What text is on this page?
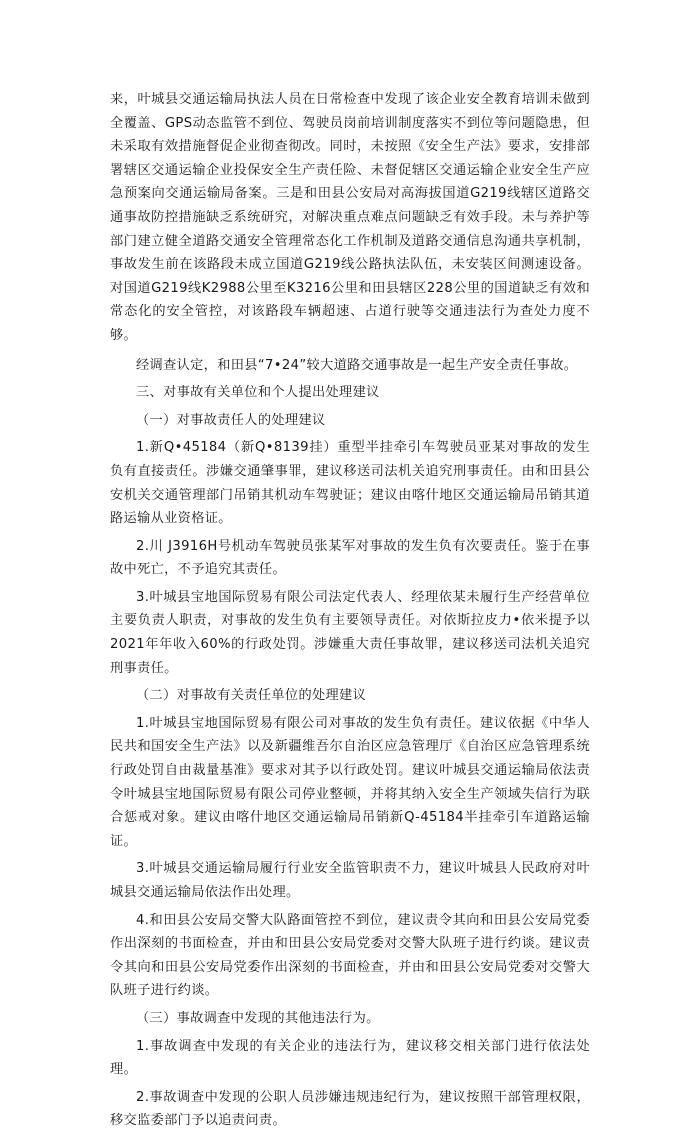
来，叶城县交通运输局执法人员在日常检查中发现了该企业安全教育培训未做到全覆盖、GPS动态监管不到位、驾驶员岗前培训制度落实不到位等问题隐患，但未采取有效措施督促企业彻查彻改。同时，未按照《安全生产法》要求，安排部署辖区交通运输企业投保安全生产责任险、未督促辖区交通运输企业安全生产应急预案向交通运输局备案。三是和田县公安局对高海拔国道G219线辖区道路交通事故防控措施缺乏系统研究，对解决重点难点问题缺乏有效手段。未与养护等部门建立健全道路交通安全管理常态化工作机制及道路交通信息沟通共享机制，事故发生前在该路段未成立国道G219线公路执法队伍，未安装区间测速设备。对国道G219线K2988公里至K3216公里和田县辖区228公里的国道缺乏有效和常态化的安全管控，对该路段车辆超速、占道行驶等交通违法行为查处力度不够。

经调查认定，和田县“7•24”较大道路交通事故是一起生产安全责任事故。

三、对事故有关单位和个人提出处理建议

（一）对事故责任人的处理建议

1.新Q•45184（新Q•8139挂）重型半挂牵引车驾驶员亚某对事故的发生负有直接责任。涉嫌交通肇事罪，建议移送司法机关追究刑事责任。由和田县公安机关交通管理部门吊销其机动车驾驶证；建议由喀什地区交通运输局吊销其道路运输从业资格证。

2.川 J3916H号机动车驾驶员张某军对事故的发生负有次要责任。鉴于在事故中死亡，不予追究其责任。

3.叶城县宝地国际贸易有限公司法定代表人、经理依某未履行生产经营单位主要负责人职责，对事故的发生负有主要领导责任。对依斯拉皮力•依米提予以2021年年收入60%的行政处罚。涉嫌重大责任事故罪，建议移送司法机关追究刑事责任。

（二）对事故有关责任单位的处理建议

1.叶城县宝地国际贸易有限公司对事故的发生负有责任。建议依据《中华人民共和国安全生产法》以及新疆维吾尔自治区应急管理厅《自治区应急管理系统行政处罚自由裁量基准》要求对其予以行政处罚。建议叶城县交通运输局依法责令叶城县宝地国际贸易有限公司停业整顿，并将其纳入安全生产领域失信行为联合惩戒对象。建议由喀什地区交通运输局吊销新Q-45184半挂牵引车道路运输证。

3.叶城县交通运输局履行行业安全监管职责不力，建议叶城县人民政府对叶城县交通运输局依法作出处理。

4.和田县公安局交警大队路面管控不到位，建议责令其向和田县公安局党委作出深刻的书面检查，并由和田县公安局党委对交警大队班子进行约谈。建议责令其向和田县公安局党委作出深刻的书面检查，并由和田县公安局党委对交警大队班子进行约谈。

（三）事故调查中发现的其他违法行为。

1.事故调查中发现的有关企业的违法行为，建议移交相关部门进行依法处理。

2.事故调查中发现的公职人员涉嫌违规违纪行为，建议按照干部管理权限，移交监委部门予以追责问责。
